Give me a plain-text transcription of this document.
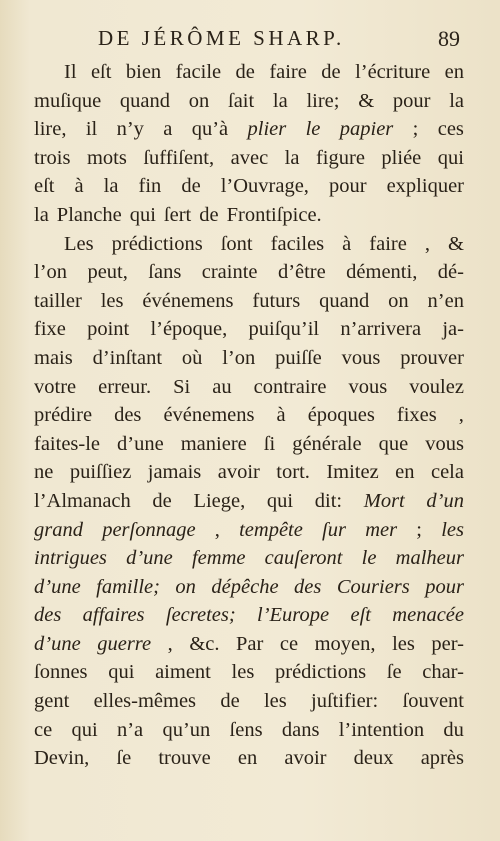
DE JÉRÔME SHARP.	89
Il eſt bien facile de faire de l’écriture en
muſique quand on ſait la lire; & pour la
lire, il n’y a qu’à plier le papier ; ces
trois mots ſuffiſent, avec la figure pliée qui
eſt à la fin de l’Ouvrage, pour expliquer
la Planche qui ſert de Frontiſpice.
Les prédictions ſont faciles à faire , &
l’on peut, ſans crainte d’être démenti, dé-
tailler les événemens futurs quand on n’en
fixe point l’époque, puiſqu’il n’arrivera ja-
mais d’inſtant où l’on puiſſe vous prouver
votre erreur. Si au contraire vous voulez
prédire des événemens à époques fixes ,
faites-le d’une maniere ſi générale que vous
ne puiſſiez jamais avoir tort. Imitez en cela
l’Almanach de Liege, qui dit: Mort d’un
grand perſonnage , tempête ſur mer ; les
intrigues d’une femme cauſeront le malheur
d’une famille; on dépêche des Couriers pour
des affaires ſecretes; l’Europe eſt menacée
d’une guerre , &c. Par ce moyen, les per-
ſonnes qui aiment les prédictions ſe char-
gent elles-mêmes de les juſtifier: ſouvent
ce qui n’a qu’un ſens dans l’intention du
Devin, ſe trouve en avoir deux après
